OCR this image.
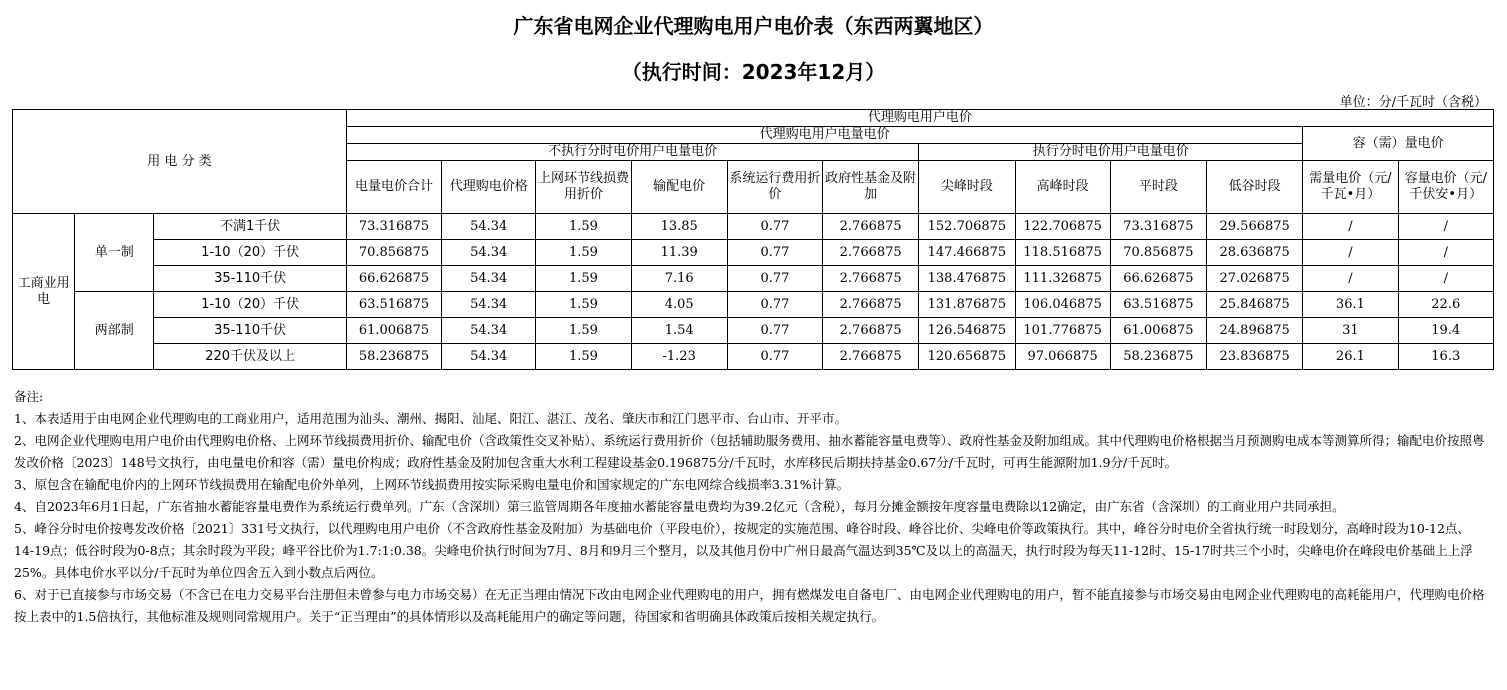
广东省电网企业代理购电用户电价表（东西两翼地区）
（执行时间：2023年12月）
单位：分/千瓦时（含税）
用 电 分 类			代理购电用户电价											
			代理购电用户电量电价										容（需）量电价	
			不执行分时电价用户电量电价						执行分时电价用户电量电价					
			电量电价合计	代理购电价格	上网环节线损费用折价	输配电价	系统运行费用折价	政府性基金及附加	尖峰时段	高峰时段	平时段	低谷时段	需量电价（元/千瓦•月）	容量电价（元/千伏安•月）
工商业用电	单一制	不满1千伏	73.316875	54.34	1.59	13.85	0.77	2.766875	152.706875	122.706875	73.316875	29.566875	/	/
		1-10（20）千伏	70.856875	54.34	1.59	11.39	0.77	2.766875	147.466875	118.516875	70.856875	28.636875	/	/
		35-110千伏	66.626875	54.34	1.59	7.16	0.77	2.766875	138.476875	111.326875	66.626875	27.026875	/	/
	两部制	1-10（20）千伏	63.516875	54.34	1.59	4.05	0.77	2.766875	131.876875	106.046875	63.516875	25.846875	36.1	22.6
		35-110千伏	61.006875	54.34	1.59	1.54	0.77	2.766875	126.546875	101.776875	61.006875	24.896875	31	19.4
		220千伏及以上	58.236875	54.34	1.59	-1.23	0.77	2.766875	120.656875	97.066875	58.236875	23.836875	26.1	16.3

备注:

1、本表适用于由电网企业代理购电的工商业用户，适用范围为汕头、潮州、揭阳、汕尾、阳江、湛江、茂名、肇庆市和江门恩平市、台山市、开平市。

2、电网企业代理购电用户电价由代理购电价格、上网环节线损费用折价、输配电价（含政策性交叉补贴）、系统运行费用折价（包括辅助服务费用、抽水蓄能容量电费等）、政府性基金及附加组成。其中代理购电价格根据当月预测购电成本等测算所得；输配电价按照粤发改价格〔2023〕148号文执行，由电量电价和容（需）量电价构成；政府性基金及附加包含重大水利工程建设基金0.196875分/千瓦时，水库移民后期扶持基金0.67分/千瓦时，可再生能源附加1.9分/千瓦时。

3、原包含在输配电价内的上网环节线损费用在输配电价外单列，上网环节线损费用按实际采购电量电价和国家规定的广东电网综合线损率3.31%计算。

4、自2023年6月1日起，广东省抽水蓄能容量电费作为系统运行费单列。广东（含深圳）第三监管周期各年度抽水蓄能容量电费均为39.2亿元（含税），每月分摊金额按年度容量电费除以12确定，由广东省（含深圳）的工商业用户共同承担。

5、峰谷分时电价按粤发改价格〔2021〕331号文执行，以代理购电用户电价（不含政府性基金及附加）为基础电价（平段电价），按规定的实施范围、峰谷时段、峰谷比价、尖峰电价等政策执行。其中，峰谷分时电价全省执行统一时段划分，高峰时段为10-12点、14-19点；低谷时段为0-8点；其余时段为平段；峰平谷比价为1.7:1:0.38。尖峰电价执行时间为7月、8月和9月三个整月，以及其他月份中广州日最高气温达到35℃及以上的高温天，执行时段为每天11-12时、15-17时共三个小时，尖峰电价在峰段电价基础上上浮25%。具体电价水平以分/千瓦时为单位四舍五入到小数点后两位。

6、对于已直接参与市场交易（不含已在电力交易平台注册但未曾参与电力市场交易）在无正当理由情况下改由电网企业代理购电的用户，拥有燃煤发电自备电厂、由电网企业代理购电的用户，暂不能直接参与市场交易由电网企业代理购电的高耗能用户，代理购电价格按上表中的1.5倍执行，其他标准及规则同常规用户。关于“正当理由”的具体情形以及高耗能用户的确定等问题，待国家和省明确具体政策后按相关规定执行。
